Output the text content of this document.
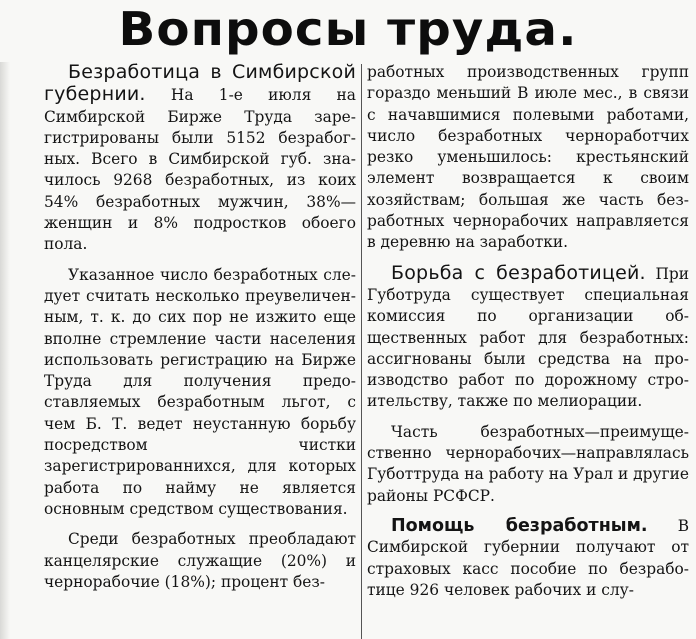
Вопросы труда.

Безработица в Симбирской губернии. На 1-е июля на Симбирской Бирже Труда зарегистрированы были 5152 безрабогных. Всего в Симбирской губ. значилось 9268 безработных, из коих 54% безработных мужчин, 38%— женщин и 8% подростков обоего пола.

Указанное число безработных следует считать несколько преувеличенным, т. к. до сих пор не изжито еще вполне стремление части населения использовать регистрацию на Бирже Труда для получения предоставляемых безработным льгот, с чем Б. Т. ведет неустанную борьбу посредством чистки зарегистрированнихся, для которых работа по найму не является основным средством существования.

Среди безработных преобладают канцелярские служащие (20%) и чернорабочие (18%); процент без-

работных производственных групп гораздо меньший В июле мес., в связи с начавшимися полевыми работами, число безработных черноработчих резко уменьшилось: крестьянский элемент возвращается к своим хозяйствам; большая же часть безработных чернорабочих направляется в деревню на заработки.

Борьба с безработицей. При Губотруда существует специальная комиссия по организации общественных работ для безработных: ассигнованы были средства на производство работ по дорожному строительству, также по мелиорации.

Часть безработных—преимущественно чернорабочих—направлялась Губоттруда на работу на Урал и другие районы РСФСР.

Помощь безработным. В Симбирской губернии получают от страховых касс пособие по безработице 926 человек рабочих и слу-
